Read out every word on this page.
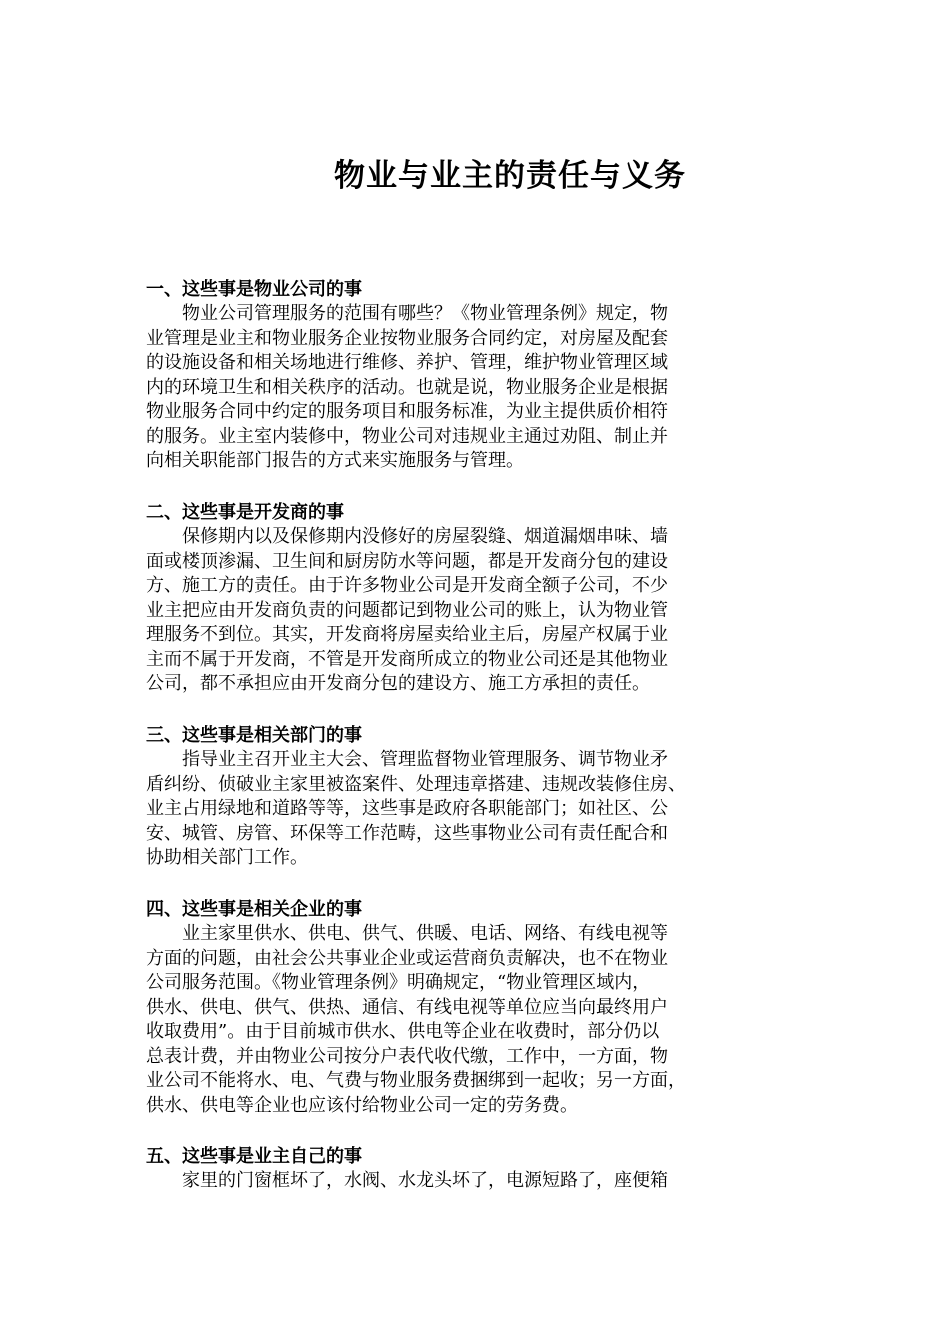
物业与业主的责任与义务
一、这些事是物业公司的事

　　物业公司管理服务的范围有哪些？《物业管理条例》规定，物
业管理是业主和物业服务企业按物业服务合同约定，对房屋及配套
的设施设备和相关场地进行维修、养护、管理，维护物业管理区域
内的环境卫生和相关秩序的活动。也就是说，物业服务企业是根据
物业服务合同中约定的服务项目和服务标准，为业主提供质价相符
的服务。业主室内装修中，物业公司对违规业主通过劝阻、制止并
向相关职能部门报告的方式来实施服务与管理。

二、这些事是开发商的事

　　保修期内以及保修期内没修好的房屋裂缝、烟道漏烟串味、墙
面或楼顶渗漏、卫生间和厨房防水等问题，都是开发商分包的建设
方、施工方的责任。由于许多物业公司是开发商全额子公司，不少
业主把应由开发商负责的问题都记到物业公司的账上，认为物业管
理服务不到位。其实，开发商将房屋卖给业主后，房屋产权属于业
主而不属于开发商，不管是开发商所成立的物业公司还是其他物业
公司，都不承担应由开发商分包的建设方、施工方承担的责任。

三、这些事是相关部门的事

　　指导业主召开业主大会、管理监督物业管理服务、调节物业矛
盾纠纷、侦破业主家里被盗案件、处理违章搭建、违规改装修住房、
业主占用绿地和道路等等，这些事是政府各职能部门；如社区、公
安、城管、房管、环保等工作范畴，这些事物业公司有责任配合和
协助相关部门工作。

四、这些事是相关企业的事

　　业主家里供水、供电、供气、供暖、电话、网络、有线电视等
方面的问题，由社会公共事业企业或运营商负责解决，也不在物业
公司服务范围。《物业管理条例》明确规定，“物业管理区域内，
供水、供电、供气、供热、通信、有线电视等单位应当向最终用户
收取费用”。由于目前城市供水、供电等企业在收费时，部分仍以
总表计费，并由物业公司按分户表代收代缴，工作中，一方面，物
业公司不能将水、电、气费与物业服务费捆绑到一起收；另一方面，
供水、供电等企业也应该付给物业公司一定的劳务费。

五、这些事是业主自己的事

　　家里的门窗框坏了，水阀、水龙头坏了，电源短路了，座便箱
